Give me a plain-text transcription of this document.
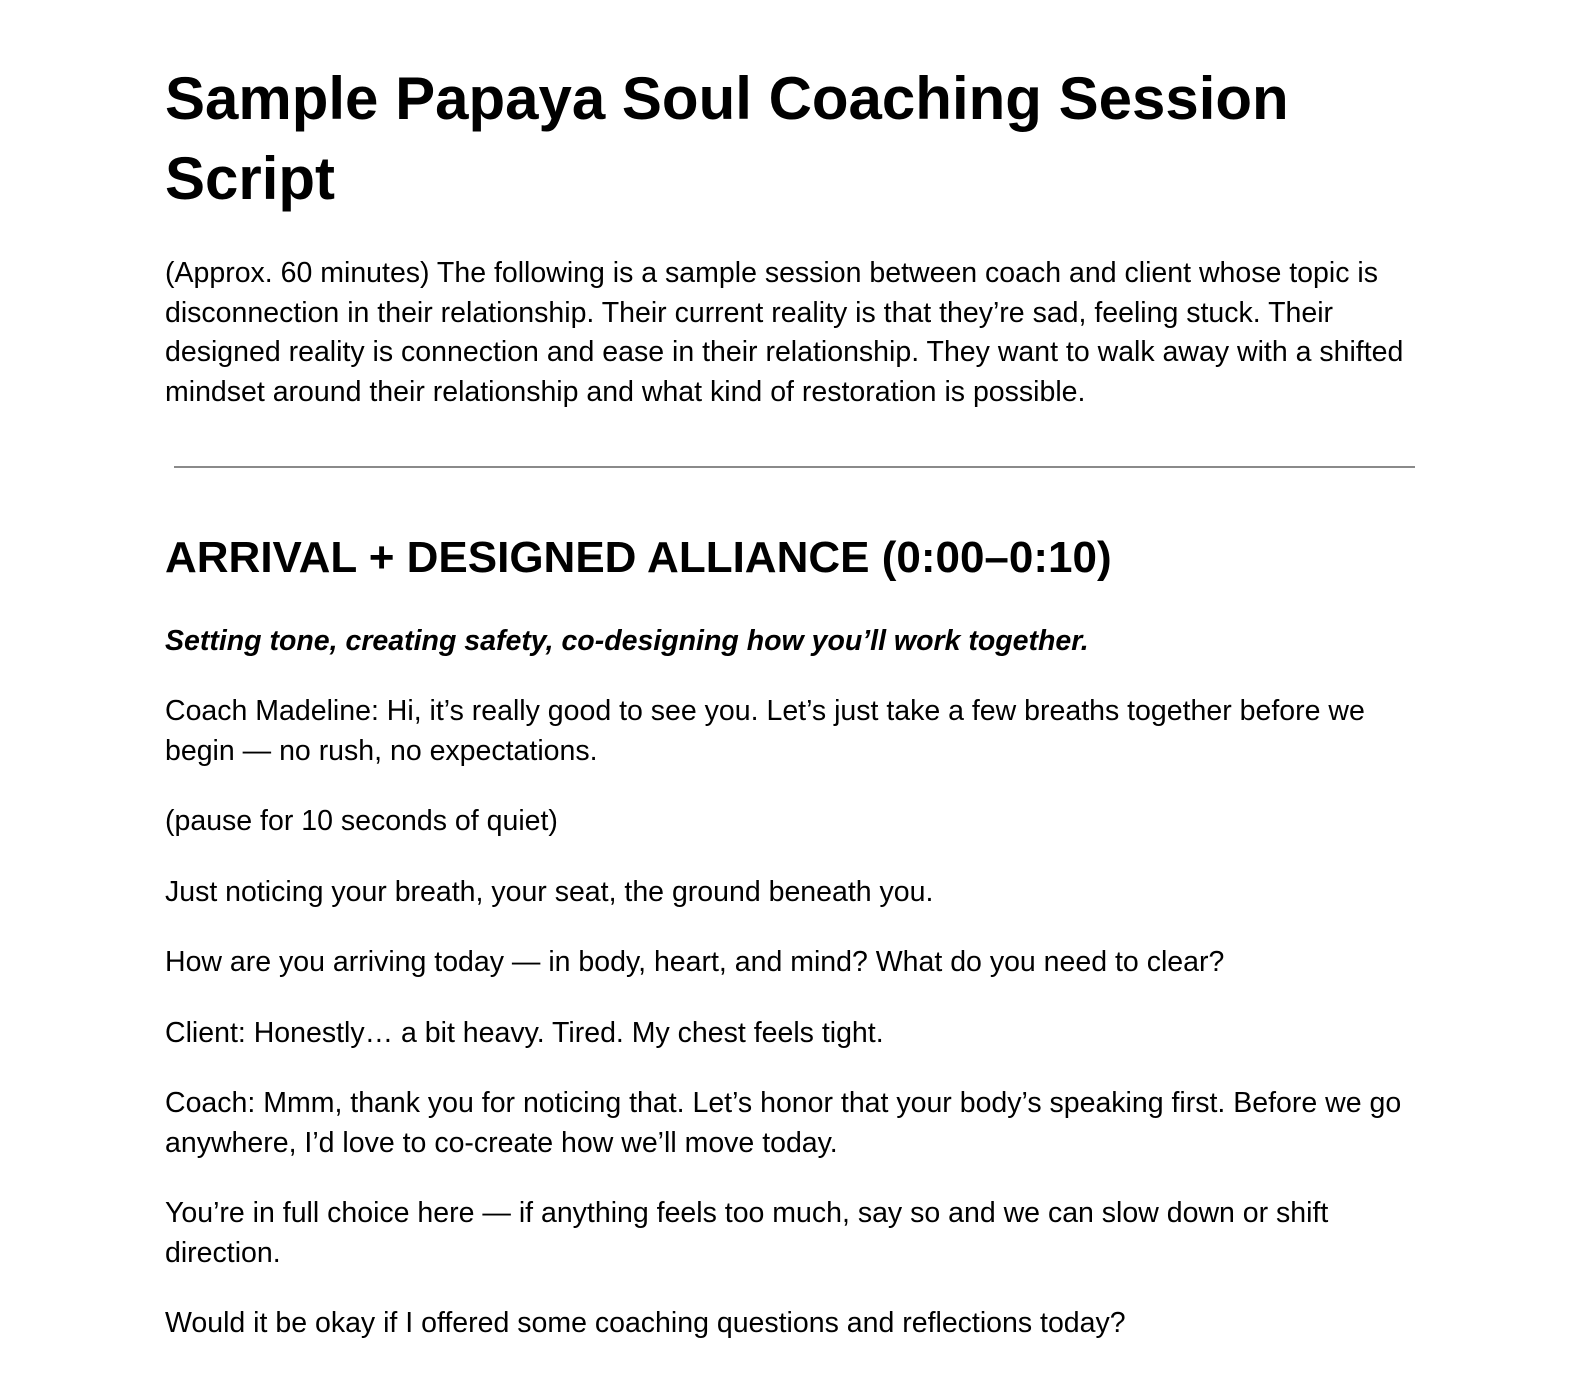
Sample Papaya Soul Coaching Session Script

(Approx. 60 minutes) The following is a sample session between coach and client whose topic is disconnection in their relationship. Their current reality is that they’re sad, feeling stuck. Their designed reality is connection and ease in their relationship. They want to walk away with a shifted mindset around their relationship and what kind of restoration is possible.

ARRIVAL + DESIGNED ALLIANCE (0:00–0:10)

Setting tone, creating safety, co-designing how you’ll work together.

Coach Madeline: Hi, it’s really good to see you. Let’s just take a few breaths together before we begin — no rush, no expectations.

(pause for 10 seconds of quiet)

Just noticing your breath, your seat, the ground beneath you.

How are you arriving today — in body, heart, and mind? What do you need to clear?

Client: Honestly… a bit heavy. Tired. My chest feels tight.

Coach: Mmm, thank you for noticing that. Let’s honor that your body’s speaking first. Before we go anywhere, I’d love to co-create how we’ll move today.

You’re in full choice here — if anything feels too much, say so and we can slow down or shift direction.

Would it be okay if I offered some coaching questions and reflections today?
